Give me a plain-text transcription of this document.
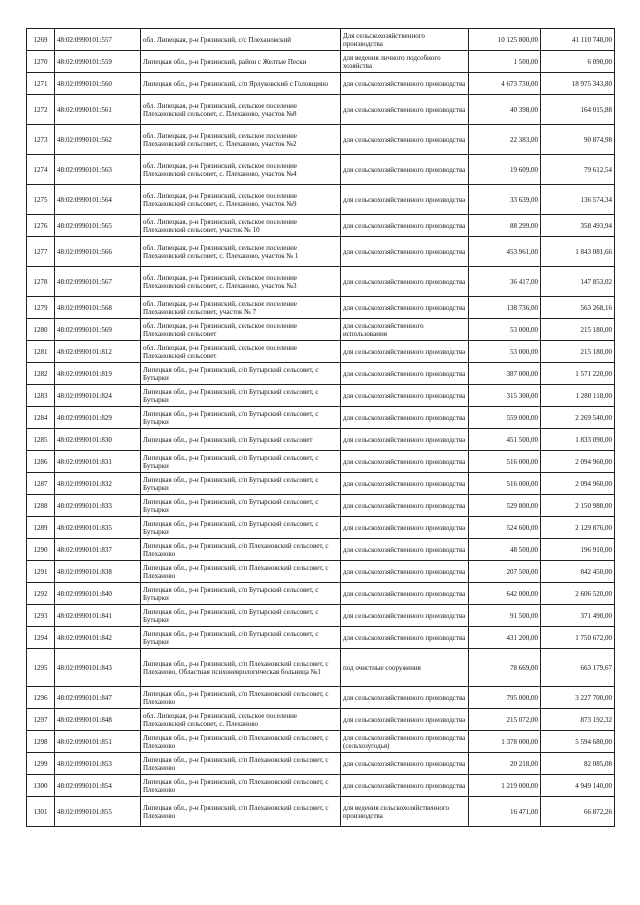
1269	48:02:0990101:557	обл. Липецкая, р-н Грязинский, с/с Плехановский	Для сельскохозяйственного производства	10 125 800,00	41 110 748,00
1270	48:02:0990101:559	Липецкая обл., р-н Грязинский, район с Желтые Пески	для ведения личного подсобного хозяйства	1 500,00	6 090,00
1271	48:02:0990101:560	Липецкая обл., р-н Грязинский, с/п Ярлуковский с Головщино	для сельскохозяйственного производства	4 673 730,00	18 975 343,80
1272	48:02:0990101:561	обл. Липецкая, р-н Грязинский, сельское поселение Плехановский сельсовет, с. Плеханово, участок №8	для сельскохозяйственного производства	40 398,00	164 015,88
1273	48:02:0990101:562	обл. Липецкая, р-н Грязинский, сельское поселение Плехановский сельсовет, с. Плеханово, участок №2	для сельскохозяйственного производства	22 383,00	90 874,98
1274	48:02:0990101:563	обл. Липецкая, р-н Грязинский, сельское поселение Плехановский сельсовет, с. Плеханово, участок №4	для сельскохозяйственного производства	19 609,00	79 612,54
1275	48:02:0990101:564	обл. Липецкая, р-н Грязинский, сельское поселение Плехановский сельсовет, с. Плеханово, участок №9	для сельскохозяйственного производства	33 639,00	136 574,34
1276	48:02:0990101:565	обл. Липецкая, р-н Грязинский, сельское поселение Плехановский сельсовет, участок № 10	для сельскохозяйственного производства	88 299,00	358 493,94
1277	48:02:0990101:566	обл. Липецкая, р-н Грязинский, сельское поселение Плехановский сельсовет, с. Плеханово, участок № 1	для сельскохозяйственного производства	453 961,00	1 843 081,66
1278	48:02:0990101:567	обл. Липецкая, р-н Грязинский, сельское поселение Плехановский сельсовет, с. Плеханово, участок №3	для сельскохозяйственного производства	36 417,00	147 853,02
1279	48:02:0990101:568	обл. Липецкая, р-н Грязинский, сельское поселение Плехановский сельсовет, участок № 7	для сельскохозяйственного производства	138 736,00	563 268,16
1280	48:02:0990101:569	обл. Липецкая, р-н Грязинский, сельское поселение Плехановский сельсовет	для сельскохозяйственного использования	53 000,00	215 180,00
1281	48:02:0990101:812	обл. Липецкая, р-н Грязинский, сельское поселение Плехановский сельсовет	для сельскохозяйственного производства	53 000,00	215 180,00
1282	48:02:0990101:819	Липецкая обл., р-н Грязинский, с/п Бутырский сельсовет, с Бутырки	для сельскохозяйственного производства	387 000,00	1 571 220,00
1283	48:02:0990101:824	Липецкая обл., р-н Грязинский, с/п Бутырский сельсовет, с Бутырки	для сельскохозяйственного производства	315 300,00	1 280 118,00
1284	48:02:0990101:829	Липецкая обл., р-н Грязинский, с/п Бутырский сельсовет, с Бутырки	для сельскохозяйственного производства	559 000,00	2 269 540,00
1285	48:02:0990101:830	Липецкая обл., р-н Грязинский, с/п Бутырский сельсовет	для сельскохозяйственного производства	451 500,00	1 833 090,00
1286	48:02:0990101:831	Липецкая обл., р-н Грязинский, с/п Бутырский сельсовет, с Бутырки	для сельскохозяйственного производства	516 000,00	2 094 960,00
1287	48:02:0990101:832	Липецкая обл., р-н Грязинский, с/п Бутырский сельсовет, с Бутырки	для сельскохозяйственного производства	516 000,00	2 094 960,00
1288	48:02:0990101:833	Липецкая обл., р-н Грязинский, с/п Бутырский сельсовет, с Бутырки	для сельскохозяйственного производства	529 800,00	2 150 988,00
1289	48:02:0990101:835	Липецкая обл., р-н Грязинский, с/п Бутырский сельсовет, с Бутырки	для сельскохозяйственного производства	524 600,00	2 129 876,00
1290	48:02:0990101:837	Липецкая обл., р-н Грязинский, с/п Плехановский сельсовет, с Плеханово	для сельскохозяйственного производства	48 500,00	196 910,00
1291	48:02:0990101:838	Липецкая обл., р-н Грязинский, с/п Плехановский сельсовет, с Плеханово	для сельскохозяйственного производства	207 500,00	842 450,00
1292	48:02:0990101:840	Липецкая обл., р-н Грязинский, с/п Бутырский сельсовет, с Бутырки	для сельскохозяйственного производства	642 000,00	2 606 520,00
1293	48:02:0990101:841	Липецкая обл., р-н Грязинский, с/п Бутырский сельсовет, с Бутырки	для сельскохозяйственного производства	91 500,00	371 490,00
1294	48:02:0990101:842	Липецкая обл., р-н Грязинский, с/п Бутырский сельсовет, с Бутырки	для сельскохозяйственного производства	431 200,00	1 750 672,00
1295	48:02:0990101:843	Липецкая обл., р-н Грязинский, с/п Плехановский сельсовет, с Плеханово, Областная психоневрологическая больница №1	под очистные сооружения	78 669,00	663 179,67
1296	48:02:0990101:847	Липецкая обл., р-н Грязинский, с/п Плехановский сельсовет, с Плеханово	для сельскохозяйственного производства	795 000,00	3 227 700,00
1297	48:02:0990101:848	обл. Липецкая, р-н Грязинский, сельское поселение Плехановский сельсовет, с. Плеханово	для сельскохозяйственного производства	215 072,00	873 192,32
1298	48:02:0990101:851	Липецкая обл., р-н Грязинский, с/п Плехановский сельсовет, с Плеханово	для сельскохозяйственного производства (сельхозугодья)	1 378 000,00	5 594 680,00
1299	48:02:0990101:853	Липецкая обл., р-н Грязинский, с/п Плехановский сельсовет, с Плеханово	для сельскохозяйственного производства	20 218,00	82 085,08
1300	48:02:0990101:854	Липецкая обл., р-н Грязинский, с/п Плехановский сельсовет, с Плеханово	для сельскохозяйственного производства	1 219 000,00	4 949 140,00
1301	48:02:0990101:855	Липецкая обл., р-н Грязинский, с/п Плехановский сельсовет, с Плеханово	для ведения сельскохозяйственного производства	16 471,00	66 872,26
